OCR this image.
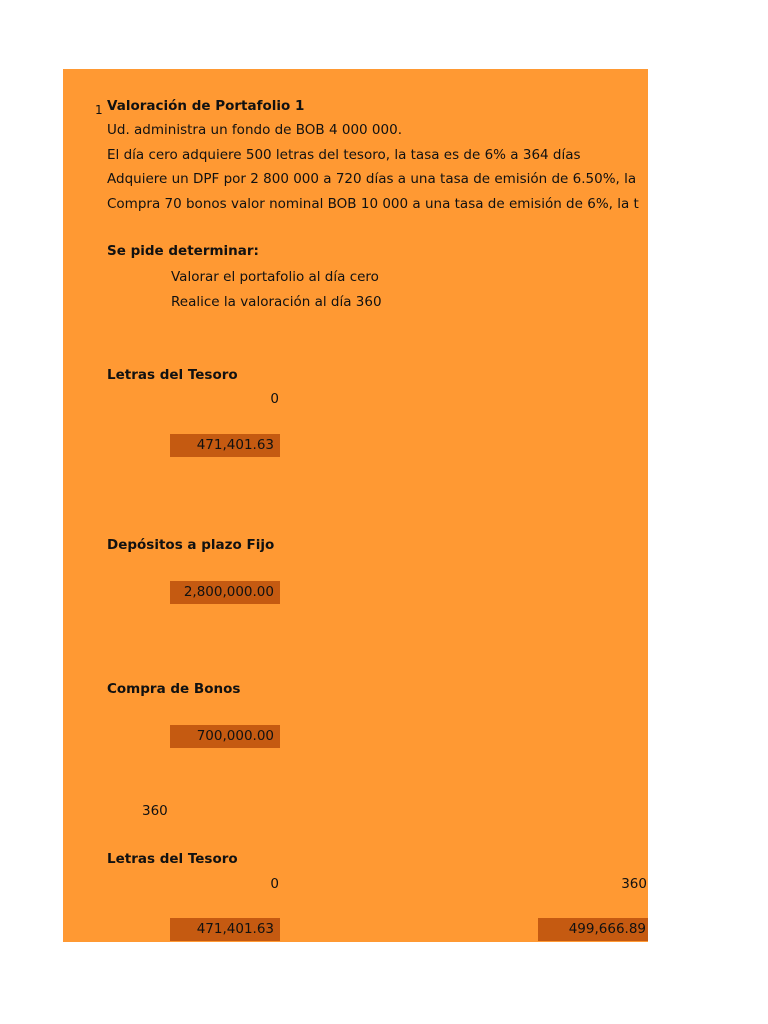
1 Valoración de Portafolio 1
Ud. administra un fondo de BOB 4 000 000.
El día cero adquiere 500 letras del tesoro, la tasa es de 6% a 364 días
Adquiere un DPF por 2 800 000 a 720 días a una tasa de emisión de 6.50%, la
Compra 70 bonos valor nominal BOB 10 000 a una tasa de emisión de 6%, la t
Se pide determinar:
Valorar el portafolio al día cero
Realice la valoración al día 360
Letras del Tesoro
0
471,401.63
Depósitos a plazo Fijo
2,800,000.00
Compra de Bonos
700,000.00
360
Letras del Tesoro
0	360
471,401.63	499,666.89
